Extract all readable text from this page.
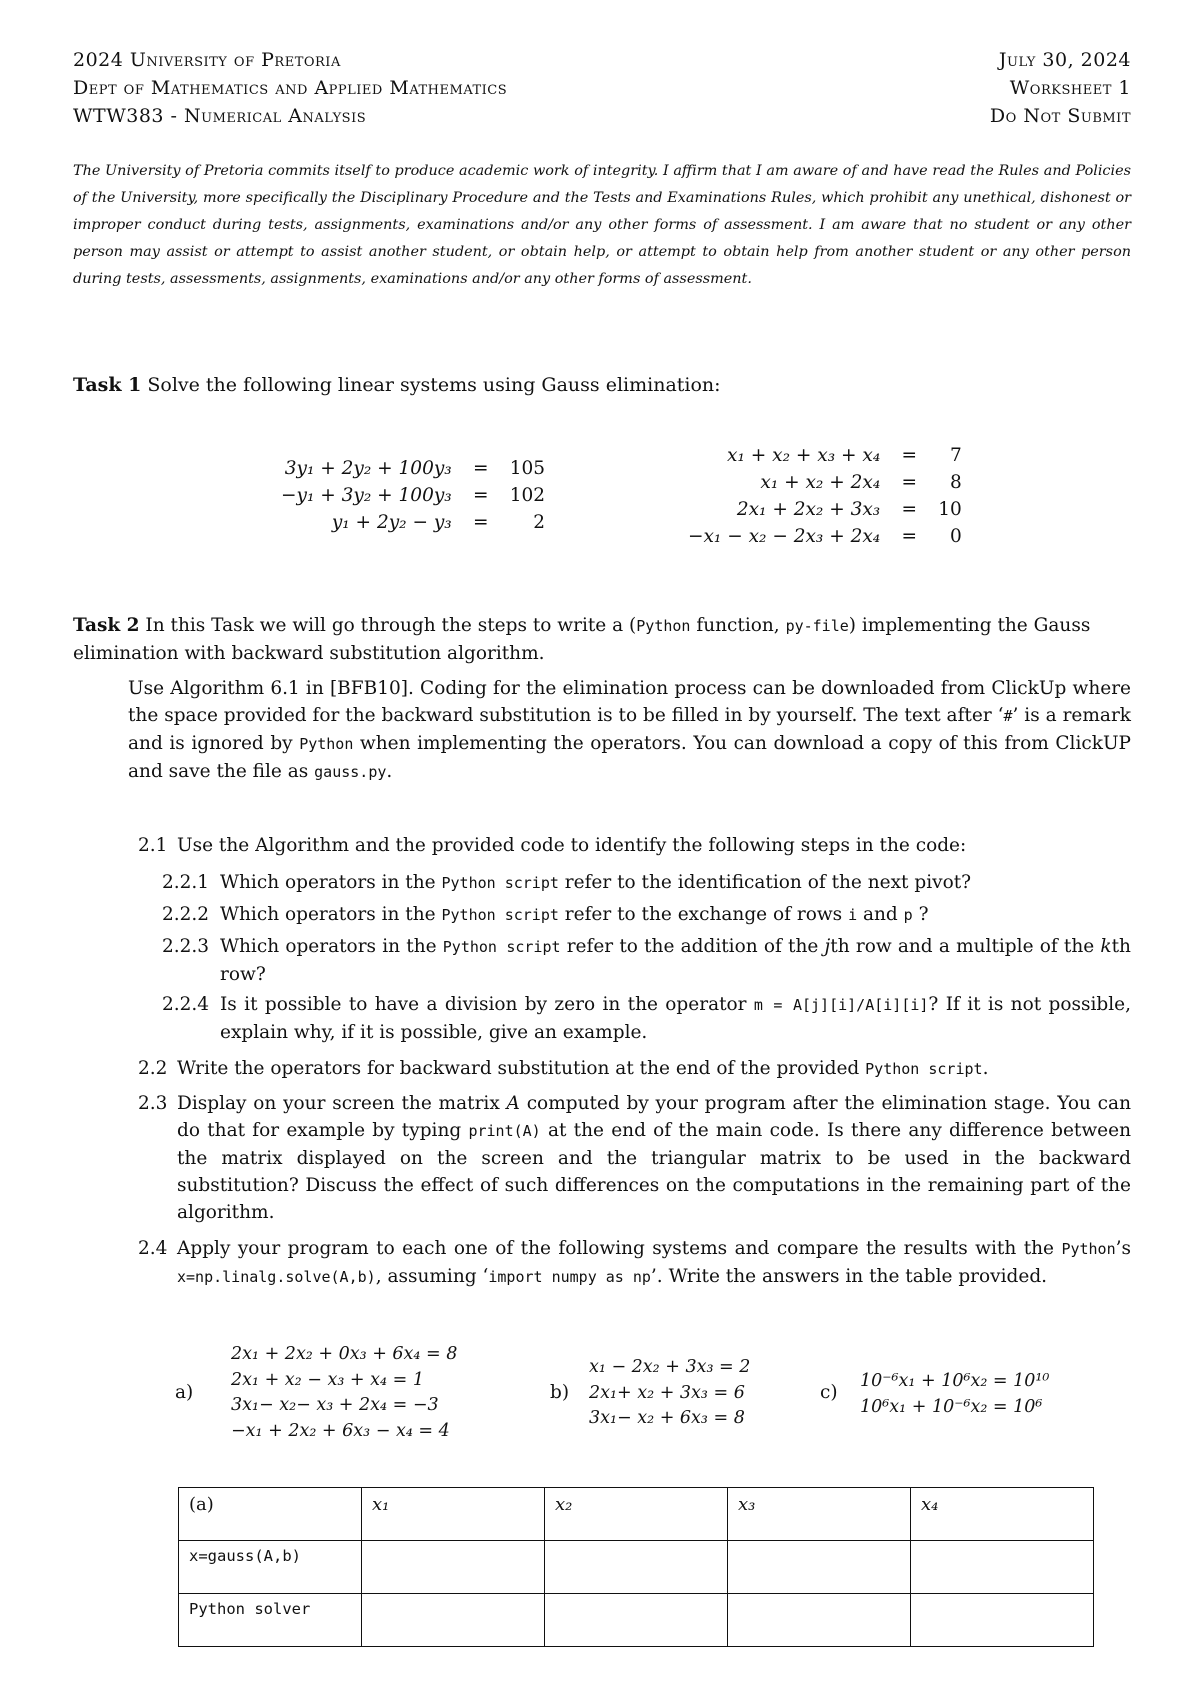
2024 University of Pretoria
Dept of Mathematics and Applied Mathematics
WTW383 - Numerical Analysis
July 30, 2024
Worksheet 1
Do Not Submit
The University of Pretoria commits itself to produce academic work of integrity. I affirm that I am aware of and have read the Rules and Policies of the University, more specifically the Disciplinary Procedure and the Tests and Examinations Rules, which prohibit any unethical, dishonest or improper conduct during tests, assignments, examinations and/or any other forms of assessment. I am aware that no student or any other person may assist or attempt to assist another student, or obtain help, or attempt to obtain help from another student or any other person during tests, assessments, assignments, examinations and/or any other forms of assessment.
Task 1 Solve the following linear systems using Gauss elimination:
3y₁ + 2y₂ + 100y₃	=	105
−y₁ + 3y₂ + 100y₃	=	102
y₁ + 2y₂ − y₃	=	2
x₁ + x₂ + x₃ + x₄	=	7
x₁ + x₂ + 2x₄	=	8
2x₁ + 2x₂ + 3x₃	=	10
−x₁ − x₂ − 2x₃ + 2x₄	=	0
Task 2 In this Task we will go through the steps to write a (Python function, py-file) implementing the Gauss elimination with backward substitution algorithm.
Use Algorithm 6.1 in [BFB10]. Coding for the elimination process can be downloaded from ClickUp where the space provided for the backward substitution is to be filled in by yourself. The text after ‘#’ is a remark and is ignored by Python when implementing the operators. You can download a copy of this from ClickUP and save the file as gauss.py.
2.1 Use the Algorithm and the provided code to identify the following steps in the code:
2.2.1 Which operators in the Python script refer to the identification of the next pivot?
2.2.2 Which operators in the Python script refer to the exchange of rows i and p ?
2.2.3 Which operators in the Python script refer to the addition of the jth row and a multiple of the kth row?
2.2.4 Is it possible to have a division by zero in the operator m = A[j][i]/A[i][i]? If it is not possible, explain why, if it is possible, give an example.
2.2 Write the operators for backward substitution at the end of the provided Python script.
2.3 Display on your screen the matrix A computed by your program after the elimination stage. You can do that for example by typing print(A) at the end of the main code. Is there any difference between the matrix displayed on the screen and the triangular matrix to be used in the backward substitution? Discuss the effect of such differences on the computations in the remaining part of the algorithm.
2.4 Apply your program to each one of the following systems and compare the results with the Python’s x=np.linalg.solve(A,b), assuming ‘import numpy as np’. Write the answers in the table provided.
a)
2x₁ + 2x₂ + 0x₃ + 6x₄ = 8
2x₁ + x₂ − x₃ + x₄ = 1
3x₁− x₂− x₃ + 2x₄ = −3
−x₁ + 2x₂ + 6x₃ − x₄ = 4
b)
x₁ − 2x₂ + 3x₃ = 2
2x₁+ x₂ + 3x₃ = 6
3x₁− x₂ + 6x₃ = 8
c)
10⁻⁶x₁ + 10⁶x₂ = 10¹⁰
10⁶x₁ + 10⁻⁶x₂ = 10⁶
(a)	x₁	x₂	x₃	x₄
x=gauss(A,b)				
Python solver				
